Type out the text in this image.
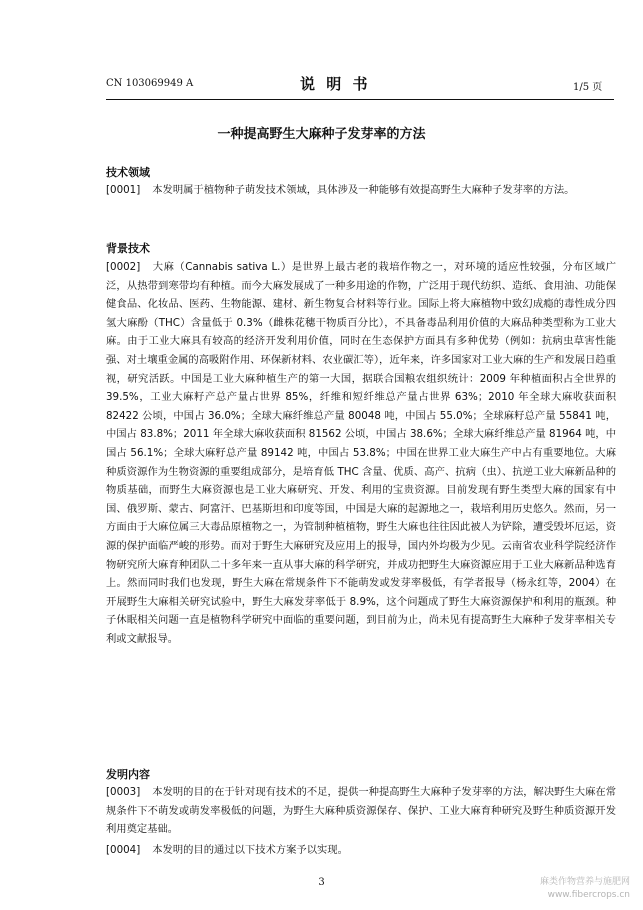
CN 103069949 A	说 明 书	1/5 页
一种提高野生大麻种子发芽率的方法
技术领域

[0001] 本发明属于植物种子萌发技术领域，具体涉及一种能够有效提高野生大麻种子发芽率的方法。

背景技术

[0002] 大麻（Cannabis sativa L.）是世界上最古老的栽培作物之一，对环境的适应性较强，分布区域广泛，从热带到寒带均有种植。而今大麻发展成了一种多用途的作物，广泛用于现代纺织、造纸、食用油、功能保健食品、化妆品、医药、生物能源、建材、新生物复合材料等行业。国际上将大麻植物中致幻成瘾的毒性成分四氢大麻酚（THC）含量低于 0.3%（雌株花穗干物质百分比），不具备毒品利用价值的大麻品种类型称为工业大麻。由于工业大麻具有较高的经济开发利用价值，同时在生态保护方面具有多种优势（例如：抗病虫草害性能强、对土壤重金属的高吸附作用、环保新材料、农业碳汇等），近年来，许多国家对工业大麻的生产和发展日趋重视，研究活跃。中国是工业大麻种植生产的第一大国，据联合国粮农组织统计：2009 年种植面积占全世界的 39.5%，工业大麻籽产总产量占世界 85%，纤维和短纤维总产量占世界 63%；2010 年全球大麻收获面积 82422 公顷，中国占 36.0%；全球大麻纤维总产量 80048 吨，中国占 55.0%；全球麻籽总产量 55841 吨，中国占 83.8%；2011 年全球大麻收获面积 81562 公顷，中国占 38.6%；全球大麻纤维总产量 81964 吨，中国占 56.1%；全球大麻籽总产量 89142 吨，中国占 53.8%；中国在世界工业大麻生产中占有重要地位。大麻种质资源作为生物资源的重要组成部分，是培育低 THC 含量、优质、高产、抗病（虫）、抗逆工业大麻新品种的物质基础，而野生大麻资源也是工业大麻研究、开发、利用的宝贵资源。目前发现有野生类型大麻的国家有中国、俄罗斯、蒙古、阿富汗、巴基斯坦和印度等国，中国是大麻的起源地之一，栽培利用历史悠久。然而，另一方面由于大麻位属三大毒品原植物之一，为管制种植植物，野生大麻也往往因此被人为铲除，遭受毁坏厄运，资源的保护面临严峻的形势。而对于野生大麻研究及应用上的报导，国内外均极为少见。云南省农业科学院经济作物研究所大麻育种团队二十多年来一直从事大麻的科学研究，并成功把野生大麻资源应用于工业大麻新品种选育上。然而同时我们也发现，野生大麻在常规条件下不能萌发或发芽率极低，有学者报导（杨永红等，2004）在开展野生大麻相关研究试验中，野生大麻发芽率低于 8.9%，这个问题成了野生大麻资源保护和利用的瓶颈。种子休眠相关问题一直是植物科学研究中面临的重要问题，到目前为止，尚未见有提高野生大麻种子发芽率相关专利或文献报导。

发明内容

[0003] 本发明的目的在于针对现有技术的不足，提供一种提高野生大麻种子发芽率的方法，解决野生大麻在常规条件下不萌发或萌发率极低的问题，为野生大麻种质资源保存、保护、工业大麻育种研究及野生种质资源开发利用奠定基础。

[0004] 本发明的目的通过以下技术方案予以实现。

3	麻类作物营养与施肥网
www.fibercrops.cn
